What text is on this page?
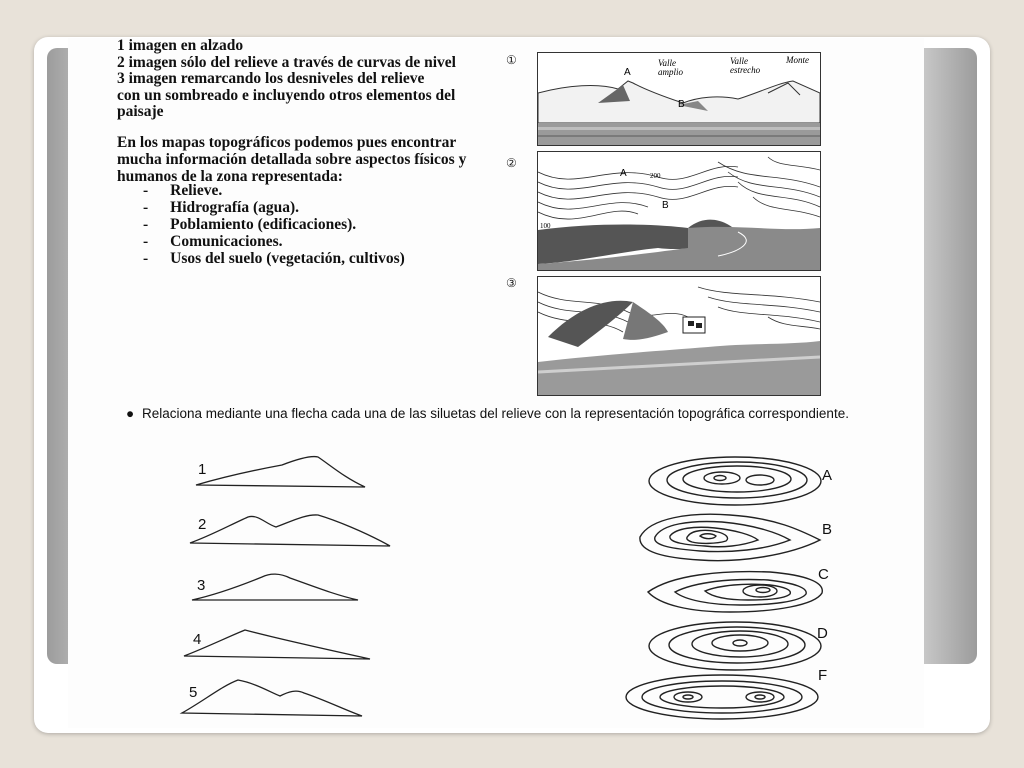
1 imagen en alzado
2 imagen sólo del relieve a través de curvas de nivel
3 imagen remarcando los desniveles del relieve
con un sombreado e incluyendo otros elementos del
paisaje
En los mapas topográficos podemos pues encontrar mucha información detallada sobre aspectos físicos y humanos de la zona representada:
- Relieve.
- Hidrografía (agua).
- Poblamiento (edificaciones).
- Comunicaciones.
- Usos del suelo (vegetación, cultivos)
①
②
③
A
B
Valle amplio
Valle estrecho
Monte
A
B
100
200
● Relaciona mediante una flecha cada una de las siluetas del relieve con la representación topográfica correspondiente.
1
2
3
4
5
A
B
C
D
F
